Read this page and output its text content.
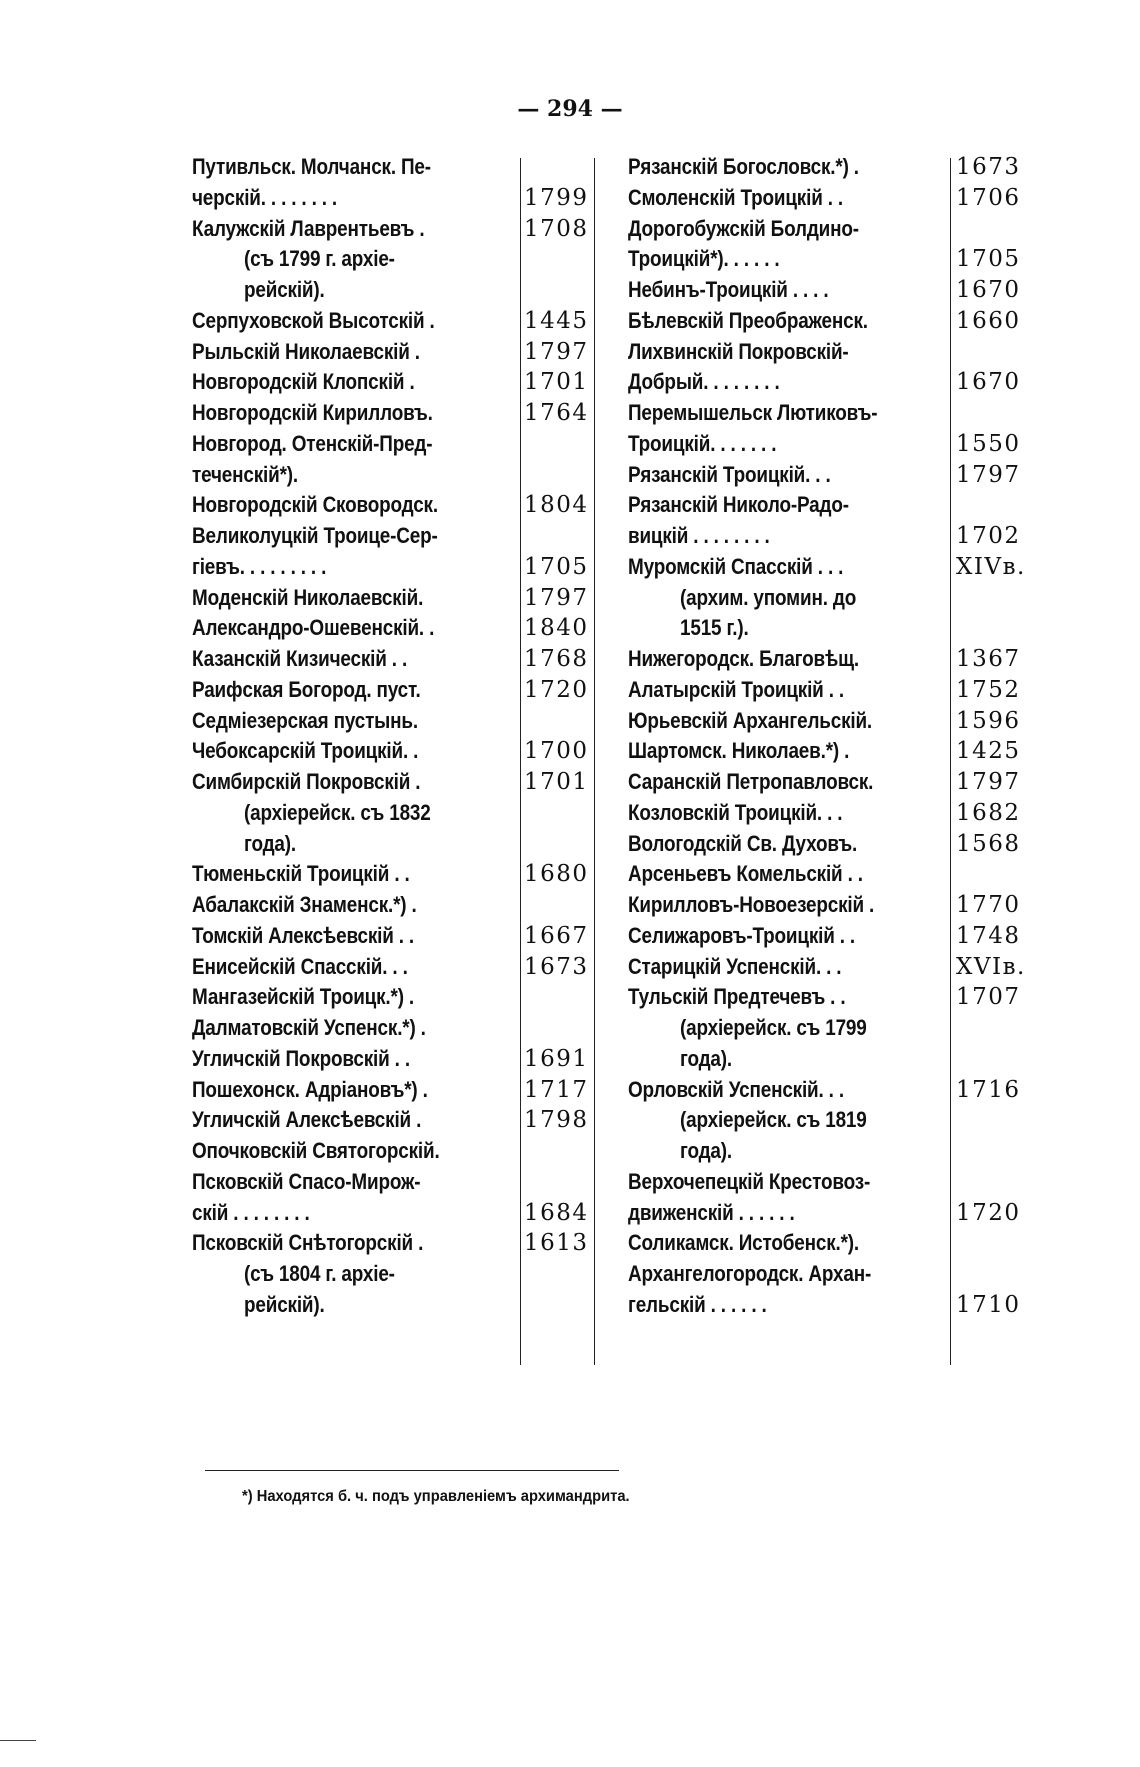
— 294 —
Путивльск. Молчанск. Пе-
черскій. . . . . . . .	1799
Калужскій Лаврентьевъ .	1708
(съ 1799 г. архіе-
рейскій).
Серпуховской Высотскій .	1445
Рыльскій Николаевскій .	1797
Новгородскій Клопскій .	1701
Новгородскій Кирилловъ.	1764
Новгород. Отенскій-Пред-
теченскій*).
Новгородскій Сковородск.	1804
Великолуцкій Троице-Сер-
гіевъ. . . . . . . . .	1705
Моденскій Николаевскій.	1797
Александро-Ошевенскій. .	1840
Казанскій Кизическій . .	1768
Раифская Богород. пуст.	1720
Седміезерская пустынь.
Чебоксарскій Троицкій. .	1700
Симбирскій Покровскій .	1701
(архіерейск. съ 1832
года).
Тюменьскій Троицкій . .	1680
Абалакскій Знаменск.*) .
Томскій Алексѣевскій . .	1667
Енисейскій Спасскій. . .	1673
Мангазейскій Троицк.*) .
Далматовскій Успенск.*) .
Угличскій Покровскій . .	1691
Пошехонск. Адріановъ*) .	1717
Угличскій Алексѣевскій .	1798
Опочковскій Святогорскій.
Псковскій Спасо-Мирож-
скій . . . . . . . .	1684
Псковскій Снѣтогорскій .	1613
(съ 1804 г. архіе-
рейскій).
Рязанскій Богословск.*) .	1673
Смоленскій Троицкій . .	1706
Дорогобужскій Болдино-
Троицкій*). . . . . .	1705
Небинъ-Троицкій . . . .	1670
Бѣлевскій Преображенск.	1660
Лихвинскій Покровскій-
Добрый. . . . . . . .	1670
Перемышельск Лютиковъ-
Троицкій. . . . . . .	1550
Рязанскій Троицкій. . .	1797
Рязанскій Николо-Радо-
вицкій . . . . . . . .	1702
Муромскій Спасскій . . .	XIVв.
(архим. упомин. до
1515 г.).
Нижегородск. Благовѣщ.	1367
Алатырскій Троицкій . .	1752
Юрьевскій Архангельскій.	1596
Шартомск. Николаев.*) .	1425
Саранскій Петропавловск.	1797
Козловскій Троицкій. . .	1682
Вологодскій Св. Духовъ.	1568
Арсеньевъ Комельскій . .
Кирилловъ-Новоезерскій .	1770
Селижаровъ-Троицкій . .	1748
Старицкій Успенскій. . .	XVIв.
Тульскій Предтечевъ . .	1707
(архіерейск. съ 1799
года).
Орловскій Успенскій. . .	1716
(архіерейск. съ 1819
года).
Верхочепецкій Крестовоз-
движенскій . . . . . .	1720
Соликамск. Истобенск.*).
Архангелогородск. Архан-
гельскій . . . . . .	1710
*) Находятся б. ч. подъ управленіемъ архимандрита.
